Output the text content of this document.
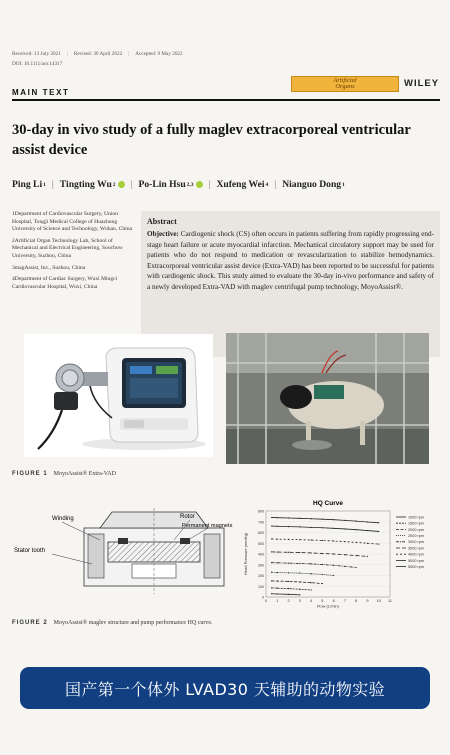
Received: 13 July 2021 | Revised: 30 April 2022 | Accepted: 9 May 2022
DOI: 10.1111/aor.14317
MAIN TEXT
Artificial
Organs	WILEY
30-day in vivo study of a fully maglev extracorporeal ventricular assist device
Ping Li 1 | Tingting Wu 2 | Po-Lin Hsu 2,3 | Xufeng Wei 4 | Nianguo Dong 1

1Department of Cardiovascular Surgery, Union Hospital, Tongji Medical College of Huazhong University of Science and Technology, Wuhan, China

2Artificial Organ Technology Lab, School of Mechanical and Electrical Engineering, Soochow University, Suzhou, China

3magAssist, Inc., Suzhou, China

4Department of Cardiac Surgery, Wuxi Mingci Cardiovascular Hospital, Wuxi, China

Abstract
Objective: Cardiogenic shock (CS) often occurs in patients suffering from rapidly progressing end-stage heart failure or acute myocardial infarction. Mechanical circulatory support may be used for patients who do not respond to medication or revascularization to stabilize hemodynamics. Extracorporeal ventricular assist device (Extra-VAD) has been reported to be successful for patients with cardiogenic shock. This study aimed to evaluate the 30-day in-vivo performance and safety of a newly developed Extra-VAD with maglev centrifugal pump technology, MoyoAssist®.
FIGURE 1 MoyoAssist® Extra-VAD
Winding	Rotor
Permanent magnets
Stator tooth
HQ Curve
0
100
200
300
400
500
600
700
800
0 1 2 3 4 5 6 7 8 9 10 11
Flow (L/min)
Head Pressure (mmHg)
1000 rpm
1500 rpm
2000 rpm
2500 rpm
3000 rpm
3500 rpm
4000 rpm
5000 rpm
5500 rpm
FIGURE 2 MoyoAssist® maglev structure and pump performance HQ curve.
国产第一个体外 LVAD30 天辅助的动物实验
